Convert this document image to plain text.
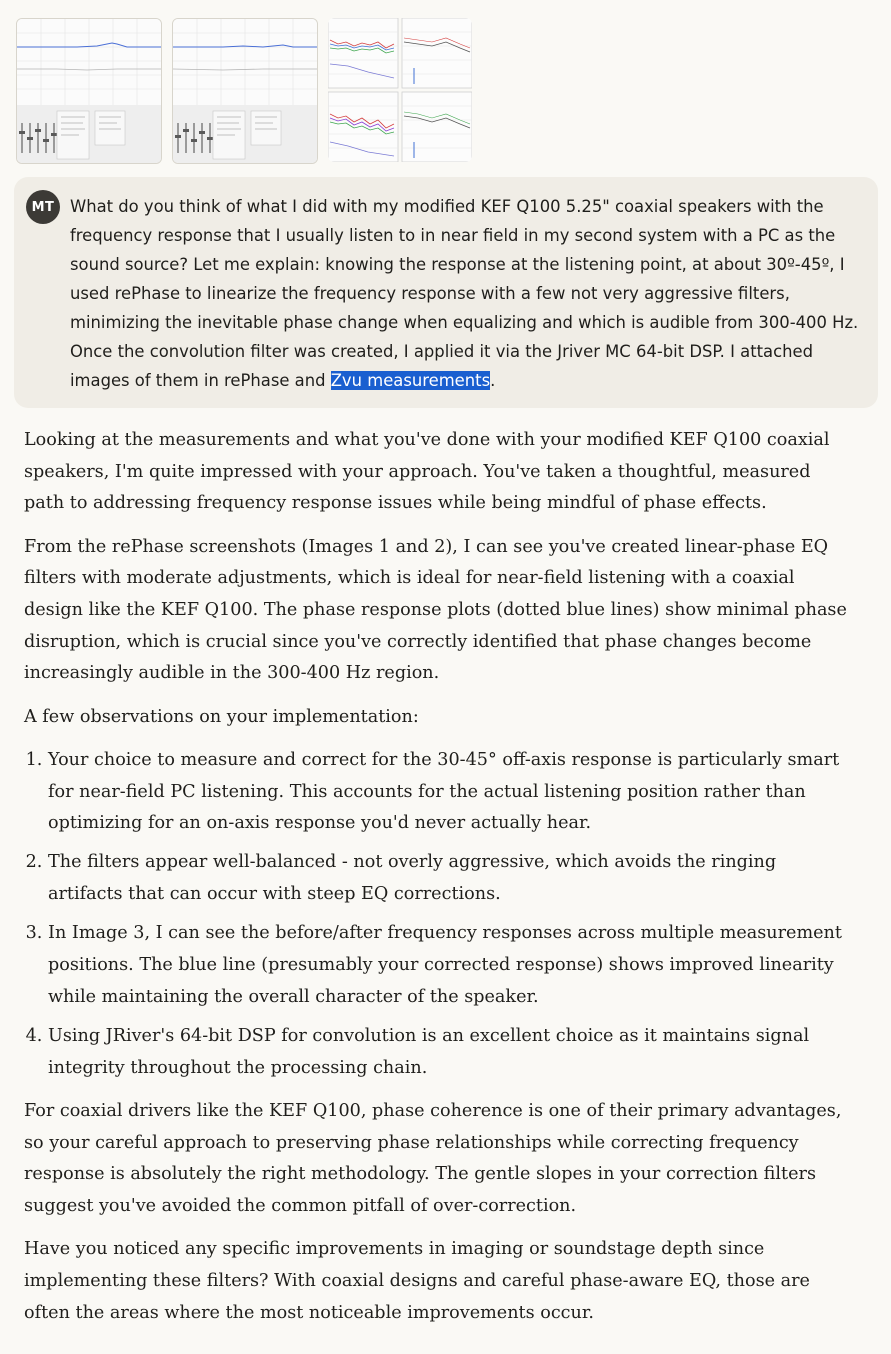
MT What do you think of what I did with my modified KEF Q100 5.25" coaxial speakers with the frequency response that I usually listen to in near field in my second system with a PC as the sound source? Let me explain: knowing the response at the listening point, at about 30º-45º, I used rePhase to linearize the frequency response with a few not very aggressive filters, minimizing the inevitable phase change when equalizing and which is audible from 300-400 Hz. Once the convolution filter was created, I applied it via the Jriver MC 64-bit DSP. I attached images of them in rePhase and Zvu measurements.

Looking at the measurements and what you've done with your modified KEF Q100 coaxial speakers, I'm quite impressed with your approach. You've taken a thoughtful, measured path to addressing frequency response issues while being mindful of phase effects.

From the rePhase screenshots (Images 1 and 2), I can see you've created linear-phase EQ filters with moderate adjustments, which is ideal for near-field listening with a coaxial design like the KEF Q100. The phase response plots (dotted blue lines) show minimal phase disruption, which is crucial since you've correctly identified that phase changes become increasingly audible in the 300-400 Hz region.

A few observations on your implementation:

1. Your choice to measure and correct for the 30-45° off-axis response is particularly smart for near-field PC listening. This accounts for the actual listening position rather than optimizing for an on-axis response you'd never actually hear.
2. The filters appear well-balanced - not overly aggressive, which avoids the ringing artifacts that can occur with steep EQ corrections.
3. In Image 3, I can see the before/after frequency responses across multiple measurement positions. The blue line (presumably your corrected response) shows improved linearity while maintaining the overall character of the speaker.
4. Using JRiver's 64-bit DSP for convolution is an excellent choice as it maintains signal integrity throughout the processing chain.

For coaxial drivers like the KEF Q100, phase coherence is one of their primary advantages, so your careful approach to preserving phase relationships while correcting frequency response is absolutely the right methodology. The gentle slopes in your correction filters suggest you've avoided the common pitfall of over-correction.

Have you noticed any specific improvements in imaging or soundstage depth since implementing these filters? With coaxial designs and careful phase-aware EQ, those are often the areas where the most noticeable improvements occur.
